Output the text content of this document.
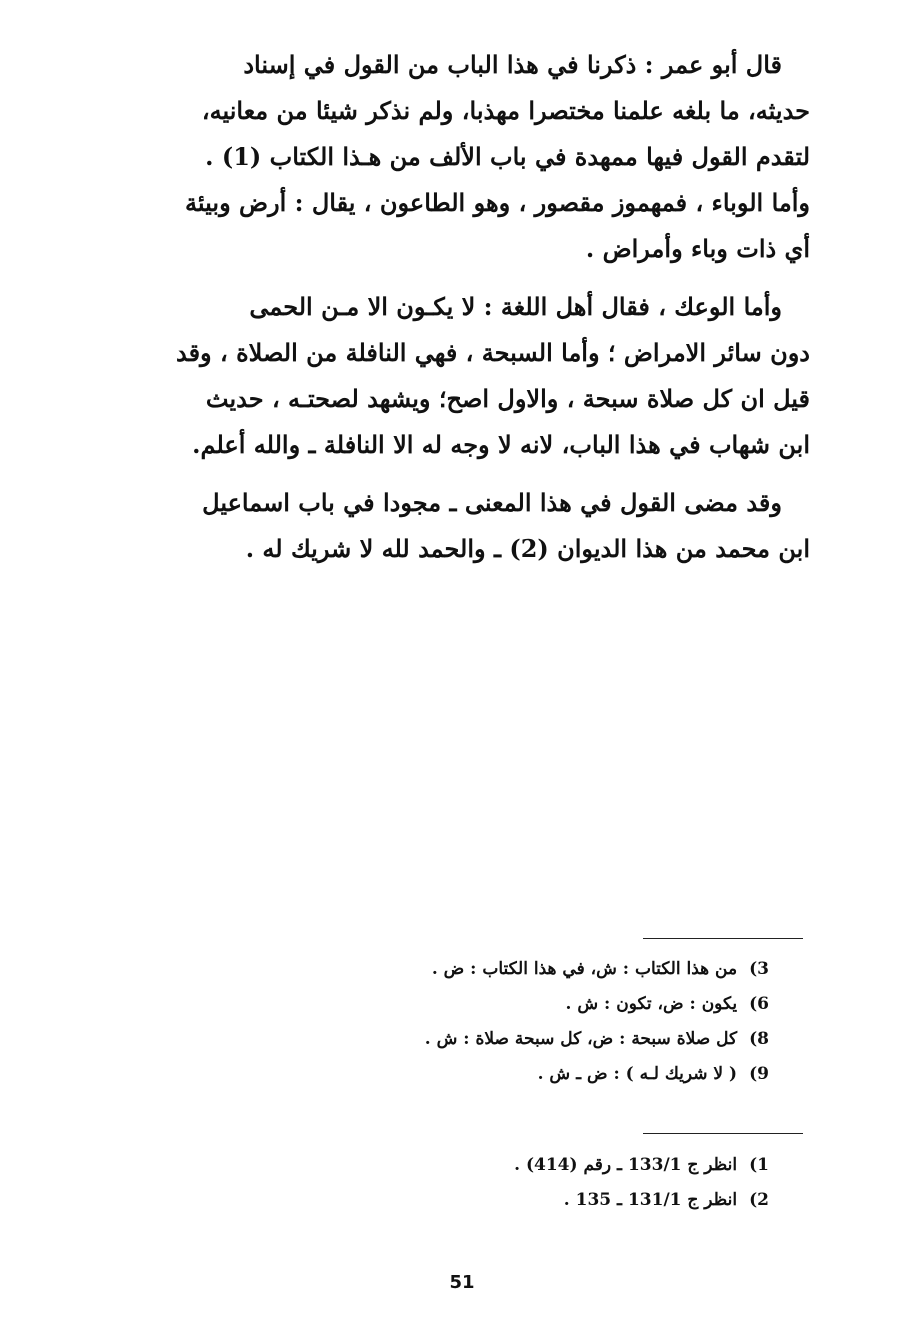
قال أبو عمر : ذكرنا في هذا الباب من القول في إسناد
حديثه، ما بلغه علمنا مختصرا مهذبا، ولم نذكر شيئا من معانيه،
لتقدم القول فيها ممهدة في باب الألف من هـذا الكتاب (1) .
وأما الوباء ، فمهموز مقصور ، وهو الطاعون ، يقال : أرض وبيئة
أي ذات وباء وأمراض .

وأما الوعك ، فقال أهل اللغة : لا يكـون الا مـن الحمى
دون سائر الامراض ؛ وأما السبحة ، فهي النافلة من الصلاة ، وقد
قيل ان كل صلاة سبحة ، والاول اصح؛ ويشهد لصحتـه ، حديث
ابن شهاب في هذا الباب، لانه لا وجه له الا النافلة ـ والله أعلم.

وقد مضى القول في هذا المعنى ـ مجودا في باب اسماعيل
ابن محمد من هذا الديوان (2) ـ والحمد لله لا شريك له .

3) من هذا الكتاب : ش، في هذا الكتاب : ض .
6) يكون : ض، تكون : ش .
8) كل صلاة سبحة : ض، كل سبحة صلاة : ش .
9) ( لا شريك لـه ) : ض ـ ش .
1) انظر ج 133/1 ـ رقم (414) .
2) انظر ج 131/1 ـ 135 .
51
